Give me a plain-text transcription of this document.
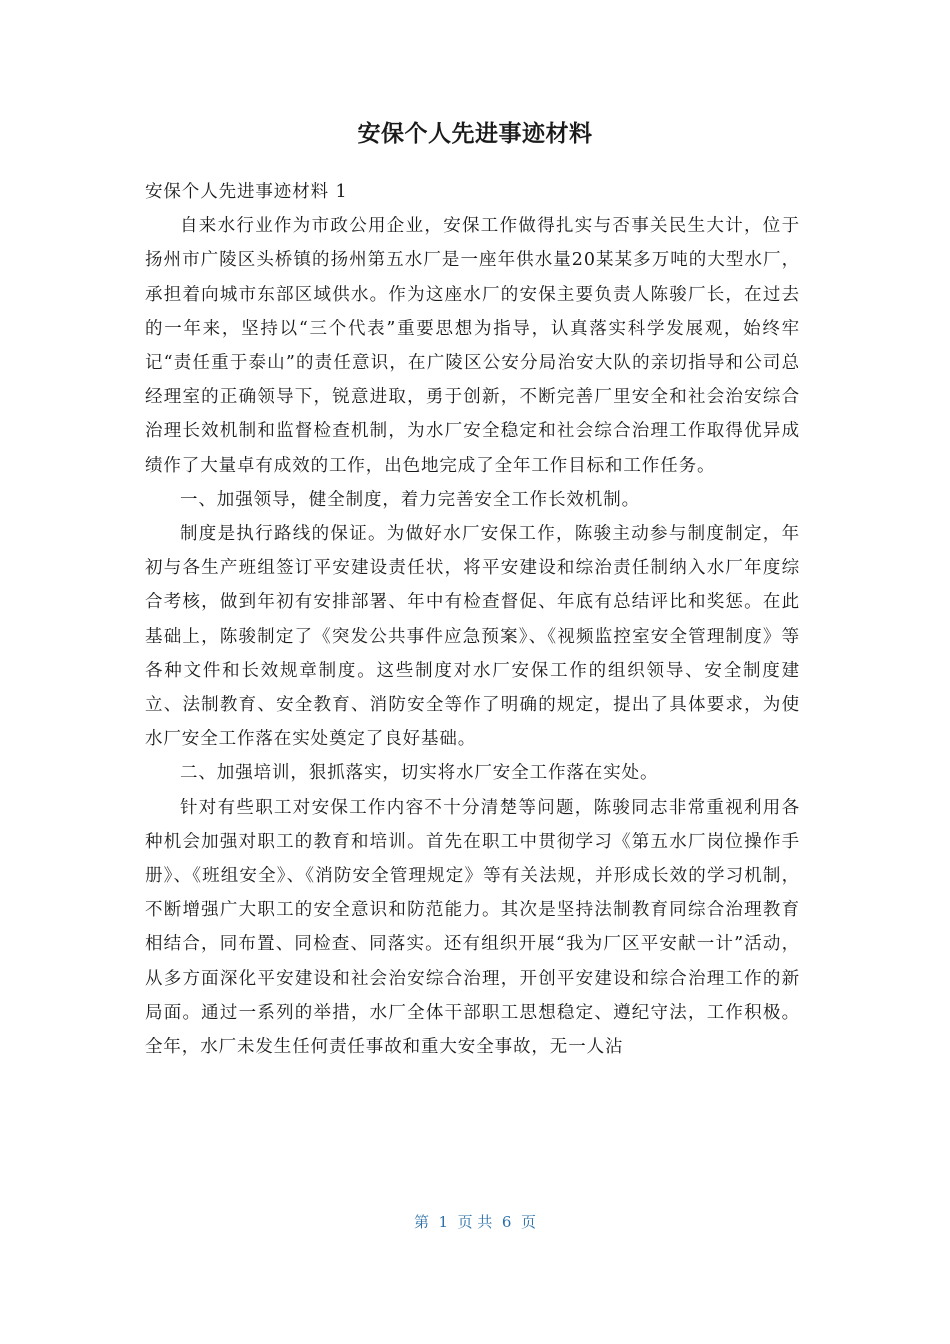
安保个人先进事迹材料

安保个人先进事迹材料 1

自来水行业作为市政公用企业，安保工作做得扎实与否事关民生大计，位于扬州市广陵区头桥镇的扬州第五水厂是一座年供水量20某某多万吨的大型水厂，承担着向城市东部区域供水。作为这座水厂的安保主要负责人陈骏厂长，在过去的一年来，坚持以“三个代表”重要思想为指导，认真落实科学发展观，始终牢记“责任重于泰山”的责任意识，在广陵区公安分局治安大队的亲切指导和公司总经理室的正确领导下，锐意进取，勇于创新，不断完善厂里安全和社会治安综合治理长效机制和监督检查机制，为水厂安全稳定和社会综合治理工作取得优异成绩作了大量卓有成效的工作，出色地完成了全年工作目标和工作任务。

一、加强领导，健全制度，着力完善安全工作长效机制。

制度是执行路线的保证。为做好水厂安保工作，陈骏主动参与制度制定，年初与各生产班组签订平安建设责任状，将平安建设和综治责任制纳入水厂年度综合考核，做到年初有安排部署、年中有检查督促、年底有总结评比和奖惩。在此基础上，陈骏制定了《突发公共事件应急预案》、《视频监控室安全管理制度》等各种文件和长效规章制度。这些制度对水厂安保工作的组织领导、安全制度建立、法制教育、安全教育、消防安全等作了明确的规定，提出了具体要求，为使水厂安全工作落在实处奠定了良好基础。

二、加强培训，狠抓落实，切实将水厂安全工作落在实处。

针对有些职工对安保工作内容不十分清楚等问题，陈骏同志非常重视利用各种机会加强对职工的教育和培训。首先在职工中贯彻学习《第五水厂岗位操作手册》、《班组安全》、《消防安全管理规定》等有关法规，并形成长效的学习机制，不断增强广大职工的安全意识和防范能力。其次是坚持法制教育同综合治理教育相结合，同布置、同检查、同落实。还有组织开展“我为厂区平安献一计”活动，从多方面深化平安建设和社会治安综合治理，开创平安建设和综合治理工作的新局面。通过一系列的举措，水厂全体干部职工思想稳定、遵纪守法，工作积极。全年，水厂未发生任何责任事故和重大安全事故，无一人沾

第  1  页 共  6  页
